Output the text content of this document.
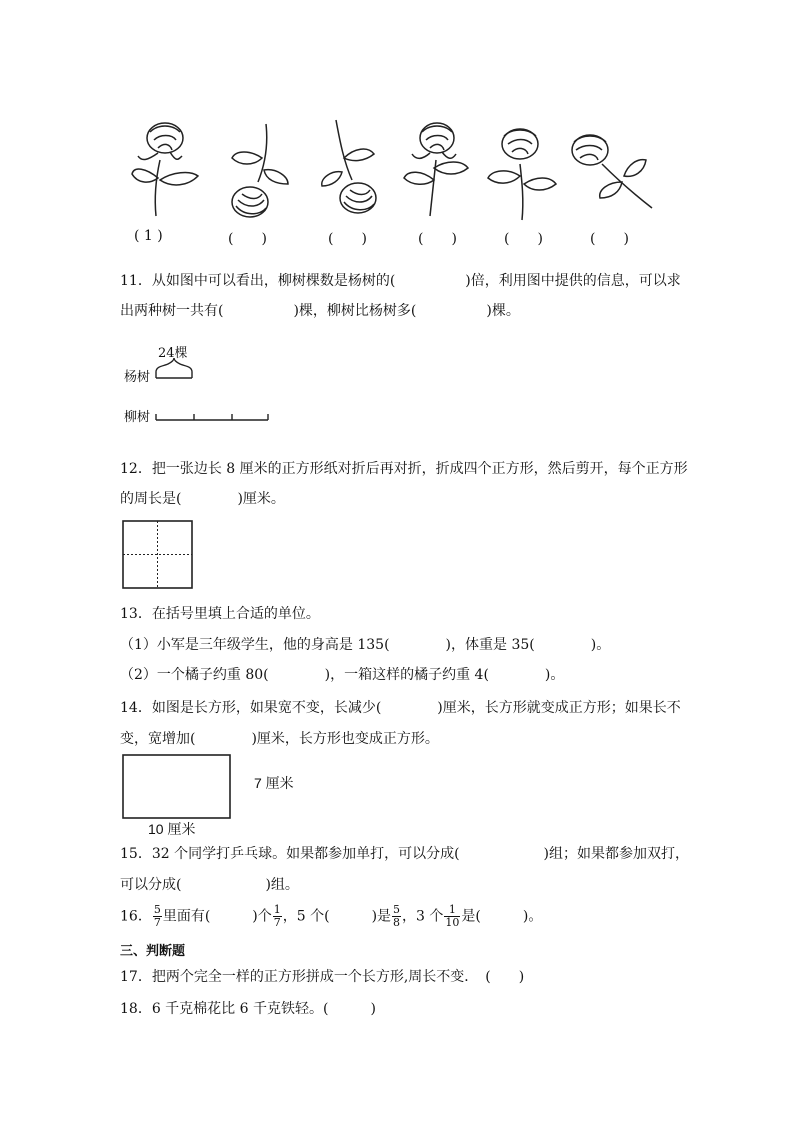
( 1 )	(　　)	(　　)	(　　)	(　　)	(　　)
11．从如图中可以看出，柳树棵数是杨树的(　　　　　)倍，利用图中提供的信息，可以求
出两种树一共有(　　　　　)棵，柳树比杨树多(　　　　　)棵。
24棵
杨树
柳树
12．把一张边长 8 厘米的正方形纸对折后再对折，折成四个正方形，然后剪开，每个正方形
的周长是(　　　　)厘米。
13．在括号里填上合适的单位。
（1）小军是三年级学生，他的身高是 135(　　　　)，体重是 35(　　　　)。
（2）一个橘子约重 80(　　　　)，一箱这样的橘子约重 4(　　　　)。
14．如图是长方形，如果宽不变，长减少(　　　　)厘米，长方形就变成正方形；如果长不
变，宽增加(　　　　)厘米，长方形也变成正方形。
7 厘米
10 厘米
15．32 个同学打乒乓球。如果都参加单打，可以分成(　　　　　　)组；如果都参加双打，
可以分成(　　　　　　)组。
16． $\frac{5}{7}$ 里面有(　　　)个 $\frac{1}{7}$ ，5 个(　　　)是 $\frac{5}{8}$ ，3 个 $\frac{1}{10}$ 是(　　　)。
三、判断题
17．把两个完全一样的正方形拼成一个长方形,周长不变．　(　　)
18．6 千克棉花比 6 千克铁轻。(　　　)
